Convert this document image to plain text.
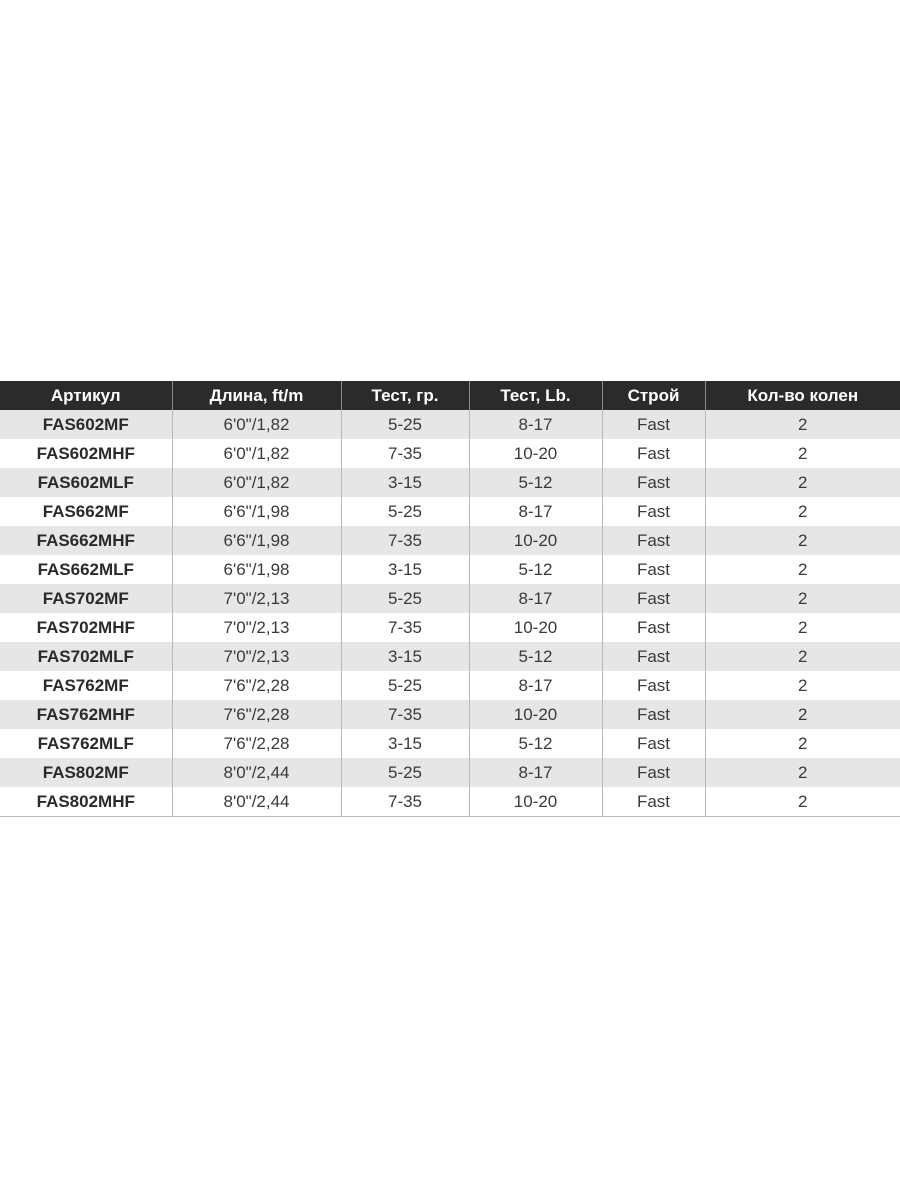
Артикул	Длина, ft/m	Тест, гр.	Тест, Lb.	Строй	Кол-во колен
FAS602MF	6'0"/1,82	5-25	8-17	Fast	2
FAS602MHF	6'0"/1,82	7-35	10-20	Fast	2
FAS602MLF	6'0"/1,82	3-15	5-12	Fast	2
FAS662MF	6'6"/1,98	5-25	8-17	Fast	2
FAS662MHF	6'6"/1,98	7-35	10-20	Fast	2
FAS662MLF	6'6"/1,98	3-15	5-12	Fast	2
FAS702MF	7'0"/2,13	5-25	8-17	Fast	2
FAS702MHF	7'0"/2,13	7-35	10-20	Fast	2
FAS702MLF	7'0"/2,13	3-15	5-12	Fast	2
FAS762MF	7'6"/2,28	5-25	8-17	Fast	2
FAS762MHF	7'6"/2,28	7-35	10-20	Fast	2
FAS762MLF	7'6"/2,28	3-15	5-12	Fast	2
FAS802MF	8'0"/2,44	5-25	8-17	Fast	2
FAS802MHF	8'0"/2,44	7-35	10-20	Fast	2
